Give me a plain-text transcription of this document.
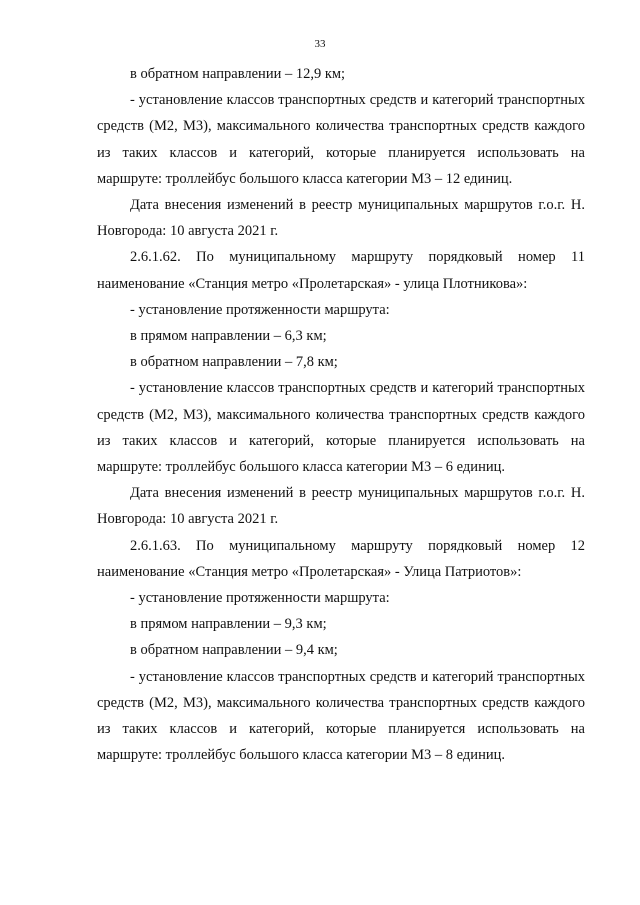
33

в обратном направлении – 12,9 км;

- установление классов транспортных средств и категорий транспортных средств (М2, М3), максимального количества транспортных средств каждого из таких классов и категорий, которые планируется использовать на маршруте: троллейбус большого класса категории М3 – 12 единиц.

Дата внесения изменений в реестр муниципальных маршрутов г.о.г. Н. Новгорода: 10 августа 2021 г.

2.6.1.62. По муниципальному маршруту порядковый номер 11 наименование «Станция метро «Пролетарская» - улица Плотникова»:

- установление протяженности маршрута:

в прямом направлении – 6,3 км;

в обратном направлении – 7,8 км;

- установление классов транспортных средств и категорий транспортных средств (М2, М3), максимального количества транспортных средств каждого из таких классов и категорий, которые планируется использовать на маршруте: троллейбус большого класса категории М3 – 6 единиц.

Дата внесения изменений в реестр муниципальных маршрутов г.о.г. Н. Новгорода: 10 августа 2021 г.

2.6.1.63. По муниципальному маршруту порядковый номер 12 наименование «Станция метро «Пролетарская» - Улица Патриотов»:

- установление протяженности маршрута:

в прямом направлении – 9,3 км;

в обратном направлении – 9,4 км;

- установление классов транспортных средств и категорий транспортных средств (М2, М3), максимального количества транспортных средств каждого из таких классов и категорий, которые планируется использовать на маршруте: троллейбус большого класса категории М3 – 8 единиц.
